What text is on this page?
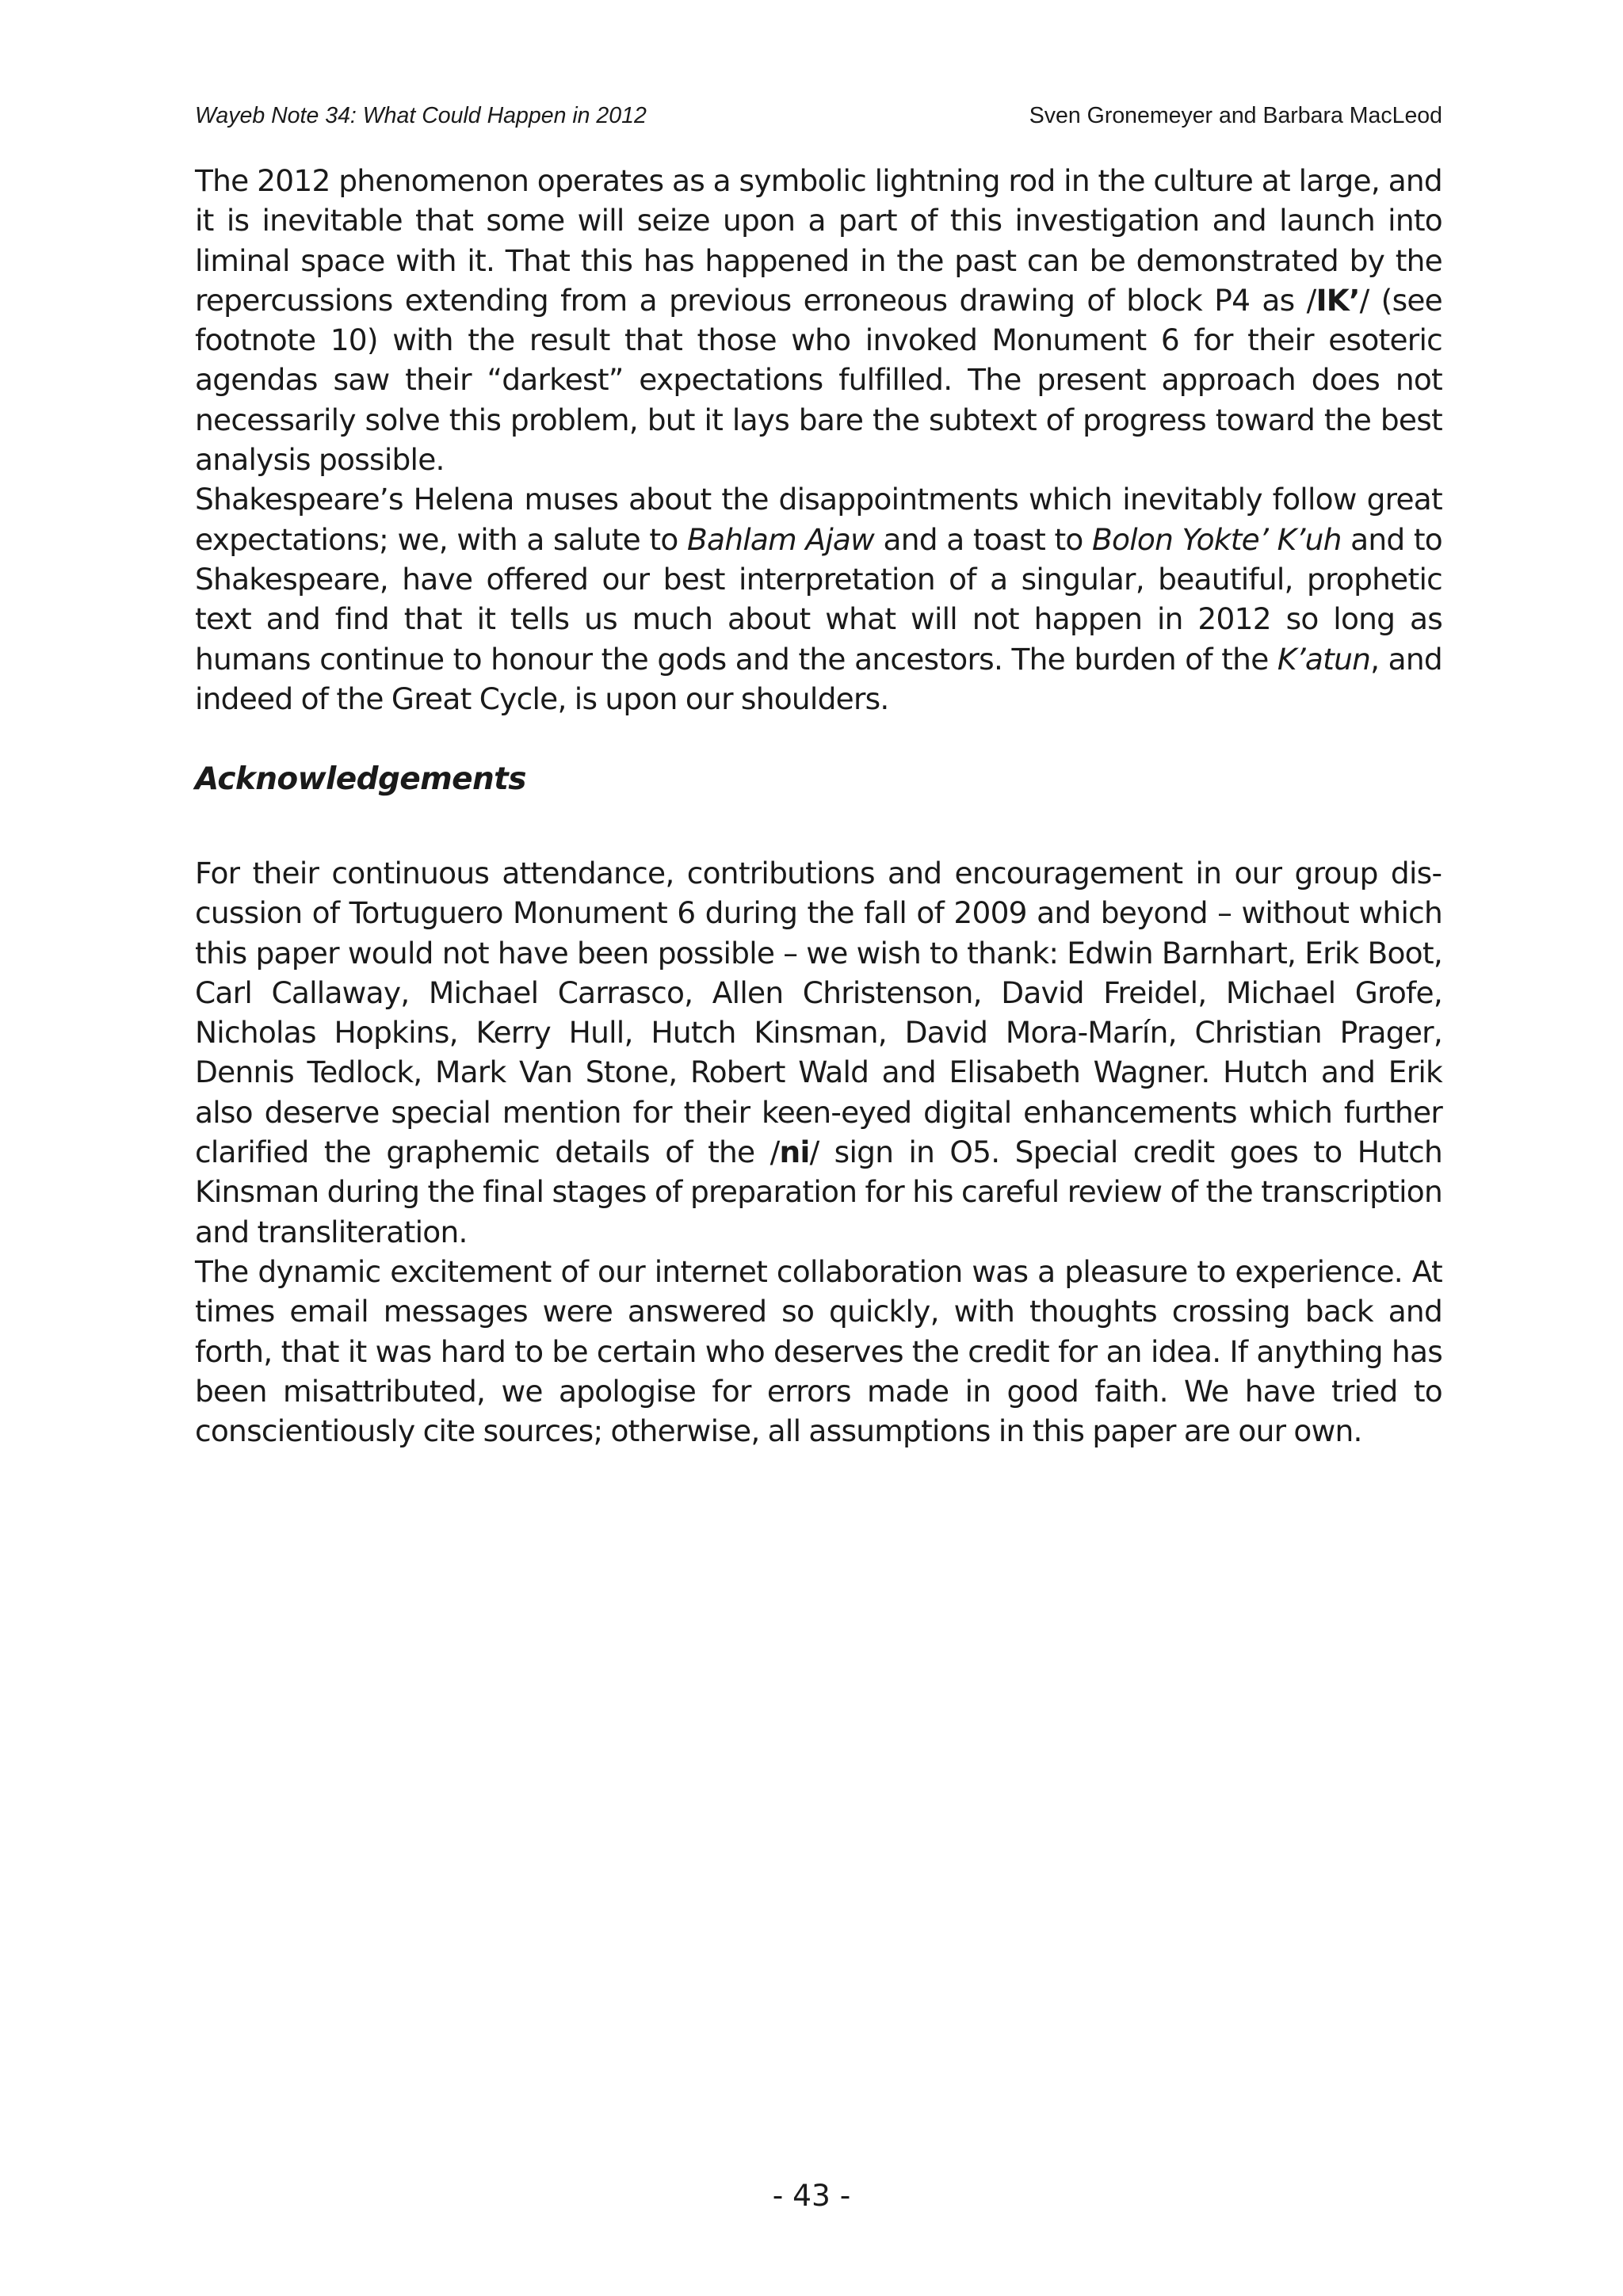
Wayeb Note 34: What Could Happen in 2012	Sven Gronemeyer and Barbara MacLeod

The 2012 phenomenon operates as a symbolic lightning rod in the culture at large, and it is inevitable that some will seize upon a part of this investigation and launch into liminal space with it. That this has happened in the past can be demonstrated by the repercussions extending from a previous erroneous drawing of block P4 as /IK’/ (see footnote 10) with the result that those who invoked Monument 6 for their esoteric agendas saw their “darkest” expectations fulfilled. The present approach does not necessarily solve this problem, but it lays bare the subtext of progress toward the best analysis possible.

Shakespeare’s Helena muses about the disappointments which inevitably follow great expectations; we, with a salute to Bahlam Ajaw and a toast to Bolon Yokte’ K’uh and to Shakespeare, have offered our best interpretation of a singular, beautiful, prophetic text and find that it tells us much about what will not happen in 2012 so long as humans continue to honour the gods and the ancestors. The burden of the K’atun, and indeed of the Great Cycle, is upon our shoulders.

Acknowledgements

For their continuous attendance, contributions and encouragement in our group discussion of Tortuguero Monument 6 during the fall of 2009 and beyond – without which this paper would not have been possible – we wish to thank: Edwin Barnhart, Erik Boot, Carl Callaway, Michael Carrasco, Allen Christenson, David Freidel, Michael Grofe, Nicholas Hopkins, Kerry Hull, Hutch Kinsman, David Mora-Marín, Christian Prager, Dennis Tedlock, Mark Van Stone, Robert Wald and Elisabeth Wagner. Hutch and Erik also deserve special mention for their keen-eyed digital enhancements which further clarified the graphemic details of the /ni/ sign in O5. Special credit goes to Hutch Kinsman during the final stages of preparation for his careful review of the transcription and transliteration.

The dynamic excitement of our internet collaboration was a pleasure to experience. At times email messages were answered so quickly, with thoughts crossing back and forth, that it was hard to be certain who deserves the credit for an idea. If anything has been misattributed, we apologise for errors made in good faith. We have tried to conscientiously cite sources; otherwise, all assumptions in this paper are our own.

- 43 -
